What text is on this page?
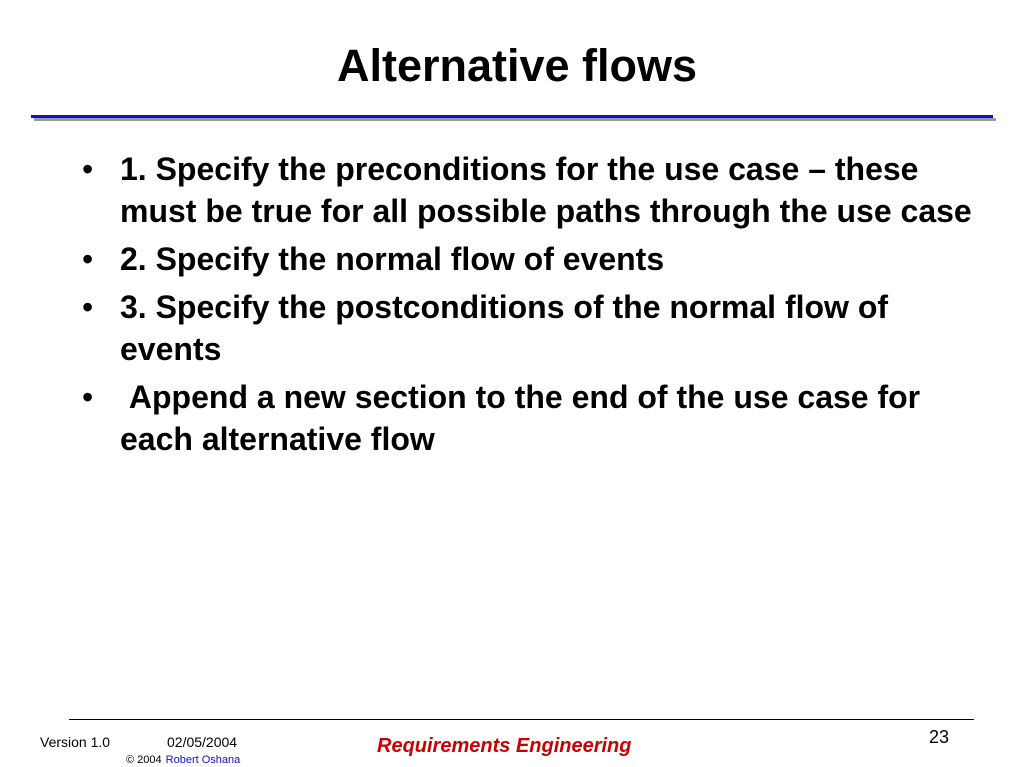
Alternative flows
• 1. Specify the preconditions for the use case – these must be true for all possible paths through the use case
• 2. Specify the normal flow of events
• 3. Specify the postconditions of the normal flow of events
• Append a new section to the end of the use case for each alternative flow
Version 1.0	02/05/2004
© 2004 Robert Oshana
Requirements Engineering	23
